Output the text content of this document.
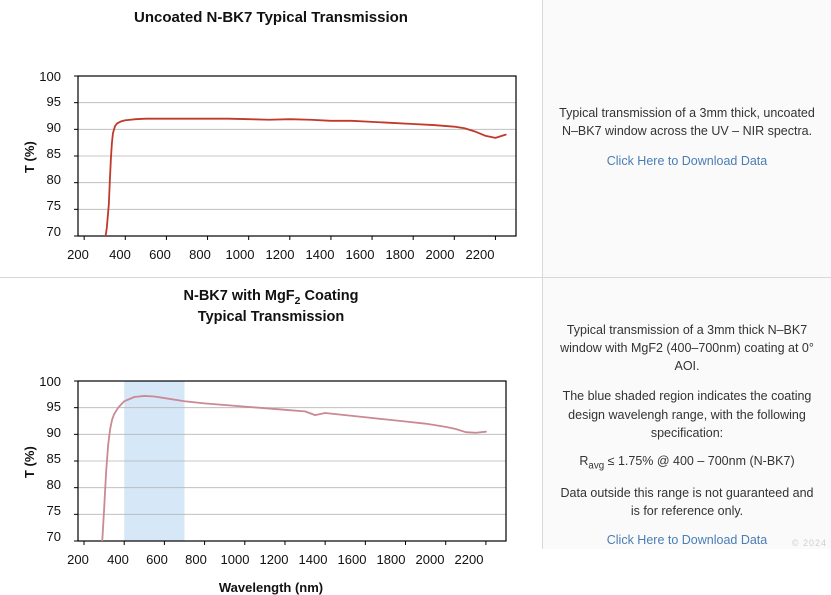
Uncoated N-BK7 Typical Transmission
T (%)
100
95
90
85
80
75
70
200	400	600	800	1000 1200 1400 1600 1800 2000 2200
Typical transmission of a 3mm thick, uncoated N–BK7 window across the UV – NIR spectra.
Click Here to Download Data
N-BK7 with MgF$_2$ Coating
Typical Transmission
T (%)
100
95
90
85
80
75
70
200	400	600	800	1000 1200 1400 1600 1800 2000 2200
Wavelength (nm)

Typical transmission of a 3mm thick N–BK7 window with MgF2 (400–700nm) coating at 0° AOI.

The blue shaded region indicates the coating design wavelengh range, with the following specification:

$R_{avg} \le 1.75\%$ @ 400 – 700nm (N-BK7)

Data outside this range is not guaranteed and is for reference only.

Click Here to Download Data	© 2024
